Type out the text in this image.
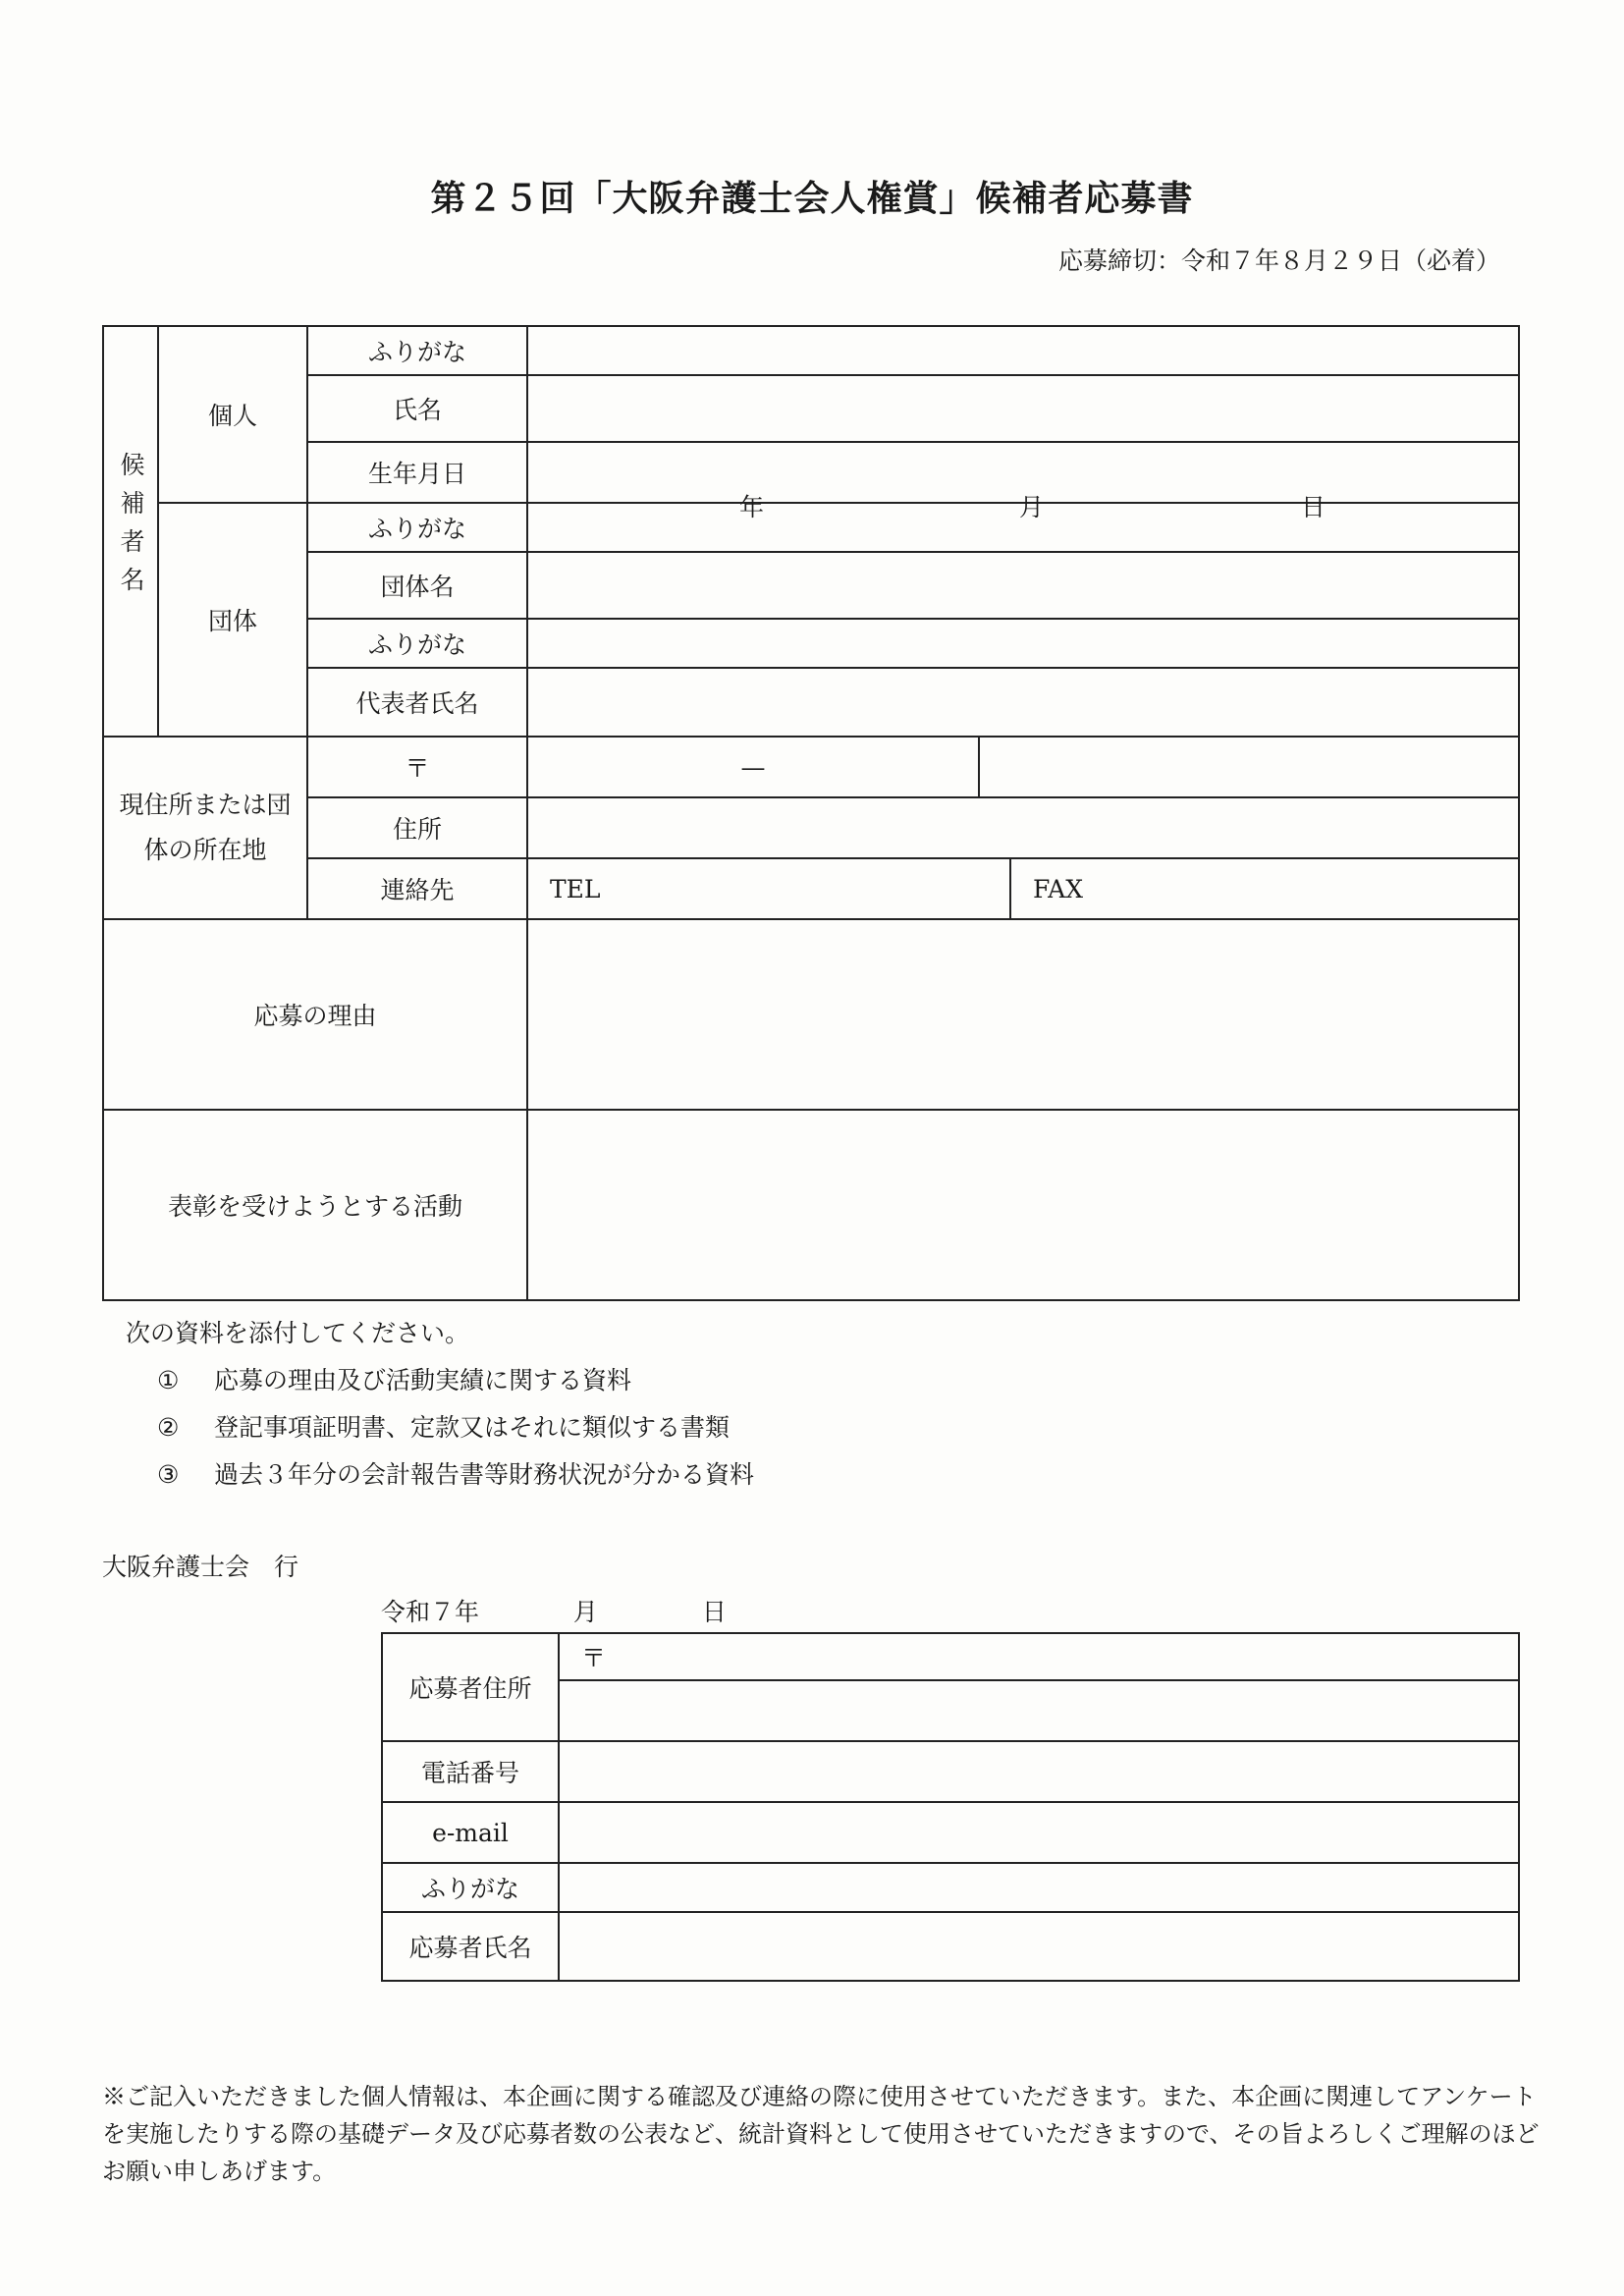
第２５回「大阪弁護士会人権賞」候補者応募書
応募締切：令和７年８月２９日（必着）
候補者名	個人	ふりがな			
		氏名			
		生年月日	年 月 日		

	団体	ふりがな			
		団体名			
		ふりがな			
		代表者氏名			
現住所または団体の所在地		〒	—		
		住所			
		連絡先	TEL		FAX
応募の理由					
表彰を受けようとする活動					
次の資料を添付してください。
① 応募の理由及び活動実績に関する資料
② 登記事項証明書、定款又はそれに類似する書類
③ 過去３年分の会計報告書等財務状況が分かる資料
大阪弁護士会　行
令和７年	月	日
応募者住所	〒

電話番号	
e-mail	
ふりがな	
応募者氏名	
※ご記入いただきました個人情報は、本企画に関する確認及び連絡の際に使用させていただきます。また、本企画に関連してアンケートを実施したりする際の基礎データ及び応募者数の公表など、統計資料として使用させていただきますので、その旨よろしくご理解のほどお願い申しあげます。
